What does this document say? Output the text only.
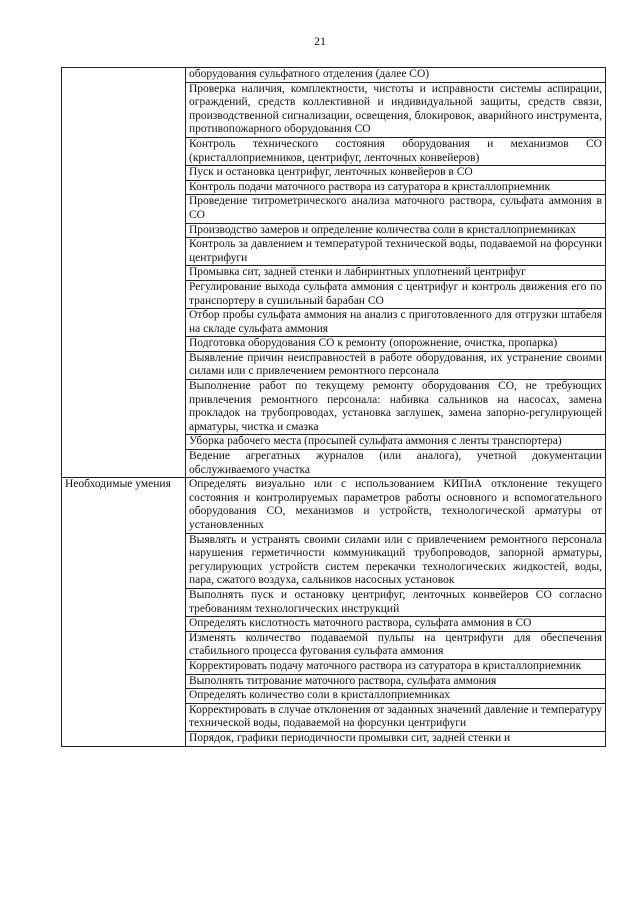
21
	оборудования сульфатного отделения (далее СО)
	Проверка наличия, комплектности, чистоты и исправности системы аспирации, ограждений, средств коллективной и индивидуальной защиты, средств связи, производственной сигнализации, освещения, блокировок, аварийного инструмента, противопожарного оборудования СО
	Контроль технического состояния оборудования и механизмов СО (кристаллоприемников, центрифуг, ленточных конвейеров)
	Пуск и остановка центрифуг, ленточных конвейеров в СО
	Контроль подачи маточного раствора из сатуратора в кристаллоприемник
	Проведение титрометрического анализа маточного раствора, сульфата аммония в СО
	Производство замеров и определение количества соли в кристаллоприемниках
	Контроль за давлением и температурой технической воды, подаваемой на форсунки центрифуги
	Промывка сит, задней стенки и лабиринтных уплотнений центрифуг
	Регулирование выхода сульфата аммония с центрифуг и контроль движения его по транспортеру в сушильный барабан СО
	Отбор пробы сульфата аммония на анализ с приготовленного для отгрузки штабеля на складе сульфата аммония
	Подготовка оборудования СО к ремонту (опорожнение, очистка, пропарка)
	Выявление причин неисправностей в работе оборудования, их устранение своими силами или с привлечением ремонтного персонала
	Выполнение работ по текущему ремонту оборудования СО, не требующих привлечения ремонтного персонала: набивка сальников на насосах, замена прокладок на трубопроводах, установка заглушек, замена запорно-регулирующей арматуры, чистка и смазка
	Уборка рабочего места (просыпей сульфата аммония с ленты транспортера)
	Ведение агрегатных журналов (или аналога), учетной документации обслуживаемого участка
Необходимые умения	Определять визуально или с использованием КИПиА отклонение текущего состояния и контролируемых параметров работы основного и вспомогательного оборудования СО, механизмов и устройств, технологической арматуры от установленных
	Выявлять и устранять своими силами или с привлечением ремонтного персонала нарушения герметичности коммуникаций трубопроводов, запорной арматуры, регулирующих устройств систем перекачки технологических жидкостей, воды, пара, сжатого воздуха, сальников насосных установок
	Выполнять пуск и остановку центрифуг, ленточных конвейеров СО согласно требованиям технологических инструкций
	Определять кислотность маточного раствора, сульфата аммония в СО
	Изменять количество подаваемой пульпы на центрифуги для обеспечения стабильного процесса фугования сульфата аммония
	Корректировать подачу маточного раствора из сатуратора в кристаллоприемник
	Выполнять титрование маточного раствора, сульфата аммония
	Определять количество соли в кристаллоприемниках
	Корректировать в случае отклонения от заданных значений давление и температуру технической воды, подаваемой на форсунки центрифуги
	Порядок, графики периодичности промывки сит, задней стенки и
